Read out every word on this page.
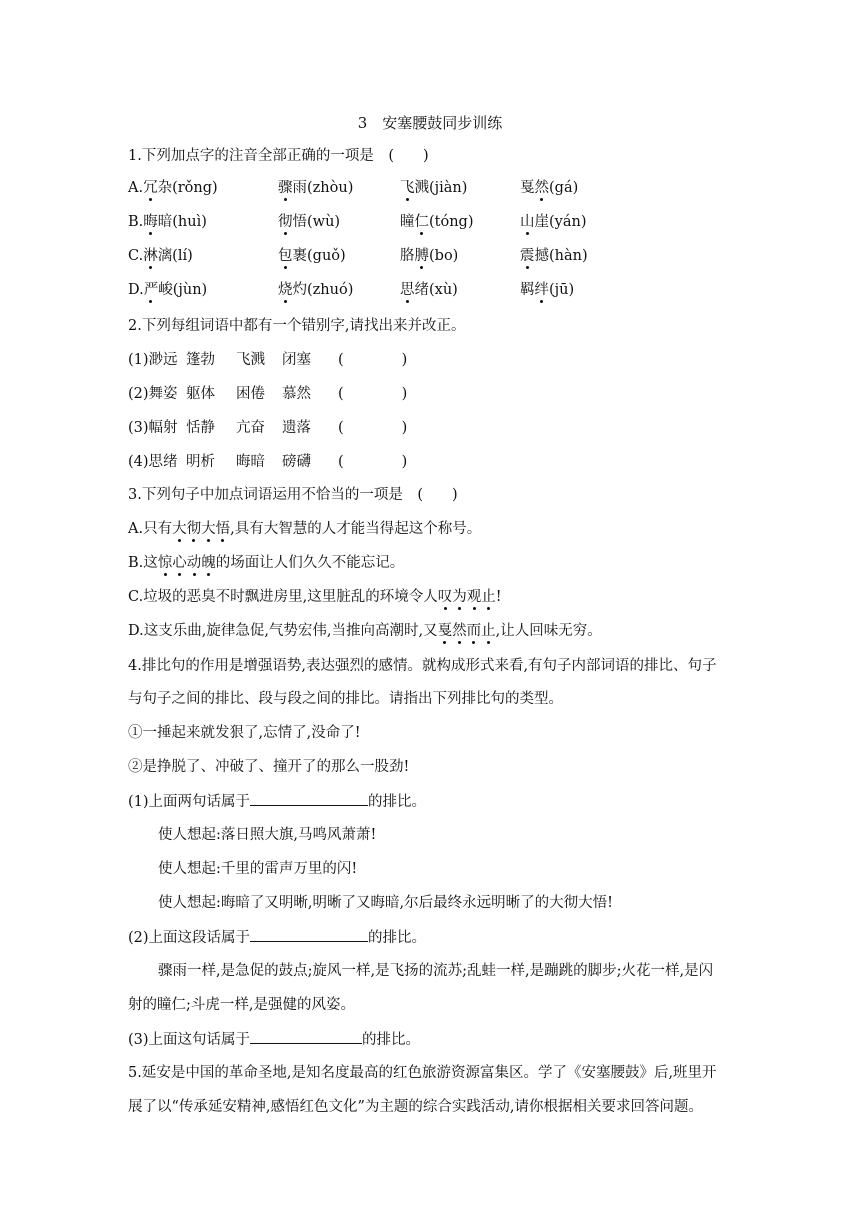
3　安塞腰鼓同步训练
1.下列加点字的注音全部正确的一项是　(　　)
A.冗杂(rǒng)	骤雨(zhòu)	飞溅(jiàn)	戛然(gá)
B.晦暗(huì)	彻悟(wù)	瞳仁(tóng)	山崖(yán)
C.淋漓(lí)	包裹(guǒ)	胳膊(bo)	震撼(hàn)
D.严峻(jùn)	烧灼(zhuó)	思绪(xù)	羁绊(jū)
2.下列每组词语中都有一个错别字,请找出来并改正。
(1)渺远 篷勃 飞溅 闭塞 (　　　　)
(2)舞姿 躯体 困倦 慕然 (　　　　)
(3)幅射 恬静 亢奋 遗落 (　　　　)
(4)思绪 明析 晦暗 磅礴 (　　　　)
3.下列句子中加点词语运用不恰当的一项是　(　　)
A.只有大彻大悟,具有大智慧的人才能当得起这个称号。
B.这惊心动魄的场面让人们久久不能忘记。
C.垃圾的恶臭不时飘进房里,这里脏乱的环境令人叹为观止!
D.这支乐曲,旋律急促,气势宏伟,当推向高潮时,又戛然而止,让人回味无穷。
4.排比句的作用是增强语势,表达强烈的感情。就构成形式来看,有句子内部词语的排比、句子
与句子之间的排比、段与段之间的排比。请指出下列排比句的类型。
①一捶起来就发狠了,忘情了,没命了!
②是挣脱了、冲破了、撞开了的那么一股劲!
(1)上面两句话属于	的排比。
使人想起:落日照大旗,马鸣风萧萧!
使人想起:千里的雷声万里的闪!
使人想起:晦暗了又明晰,明晰了又晦暗,尔后最终永远明晰了的大彻大悟!
(2)上面这段话属于	的排比。
骤雨一样,是急促的鼓点;旋风一样,是飞扬的流苏;乱蛙一样,是蹦跳的脚步;火花一样,是闪
射的瞳仁;斗虎一样,是强健的风姿。
(3)上面这句话属于	的排比。
5.延安是中国的革命圣地,是知名度最高的红色旅游资源富集区。学了《安塞腰鼓》后,班里开
展了以“传承延安精神,感悟红色文化”为主题的综合实践活动,请你根据相关要求回答问题。
